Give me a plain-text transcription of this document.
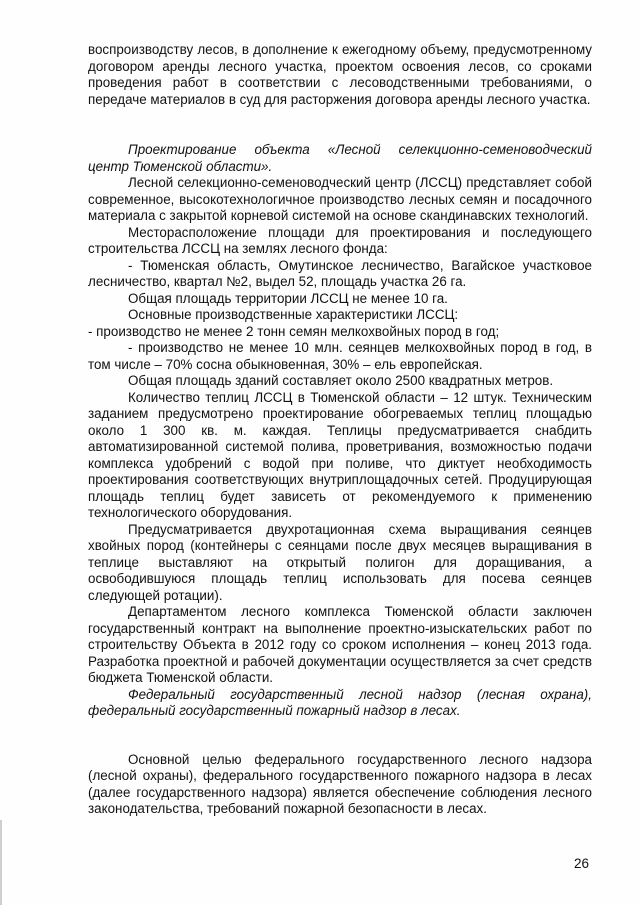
воспроизводству лесов, в дополнение к ежегодному объему, предусмотренному договором аренды лесного участка, проектом освоения лесов, со сроками проведения работ в соответствии с лесоводственными требованиями, о передаче материалов в суд для расторжения договора аренды лесного участка.

Проектирование объекта «Лесной селекционно-семеноводческий центр Тюменской области».

Лесной селекционно-семеноводческий центр (ЛССЦ) представляет собой современное, высокотехнологичное производство лесных семян и посадочного материала с закрытой корневой системой на основе скандинавских технологий.

Месторасположение площади для проектирования и последующего строительства ЛССЦ на землях лесного фонда:

- Тюменская область, Омутинское лесничество, Вагайское участковое лесничество, квартал №2, выдел 52, площадь участка 26 га.

Общая площадь территории ЛССЦ не менее 10 га.

Основные производственные характеристики ЛССЦ:

- производство не менее 2 тонн семян мелкохвойных пород в год;

- производство не менее 10 млн. сеянцев мелкохвойных пород в год, в том числе – 70% сосна обыкновенная, 30% – ель европейская.

Общая площадь зданий составляет около 2500 квадратных метров.

Количество теплиц ЛССЦ в Тюменской области – 12 штук. Техническим заданием предусмотрено проектирование обогреваемых теплиц площадью около 1 300 кв. м. каждая. Теплицы предусматривается снабдить автоматизированной системой полива, проветривания, возможностью подачи комплекса удобрений с водой при поливе, что диктует необходимость проектирования соответствующих внутриплощадочных сетей. Продуцирующая площадь теплиц будет зависеть от рекомендуемого к применению технологического оборудования.

Предусматривается двухротационная схема выращивания сеянцев хвойных пород (контейнеры с сеянцами после двух месяцев выращивания в теплице выставляют на открытый полигон для доращивания, а освободившуюся площадь теплиц использовать для посева сеянцев следующей ротации).

Департаментом лесного комплекса Тюменской области заключен государственный контракт на выполнение проектно-изыскательских работ по строительству Объекта в 2012 году со сроком исполнения – конец 2013 года. Разработка проектной и рабочей документации осуществляется за счет средств бюджета Тюменской области.

Федеральный государственный лесной надзор (лесная охрана), федеральный государственный пожарный надзор в лесах.

Основной целью федерального государственного лесного надзора (лесной охраны), федерального государственного пожарного надзора в лесах (далее государственного надзора) является обеспечение соблюдения лесного законодательства, требований пожарной безопасности в лесах.

26
